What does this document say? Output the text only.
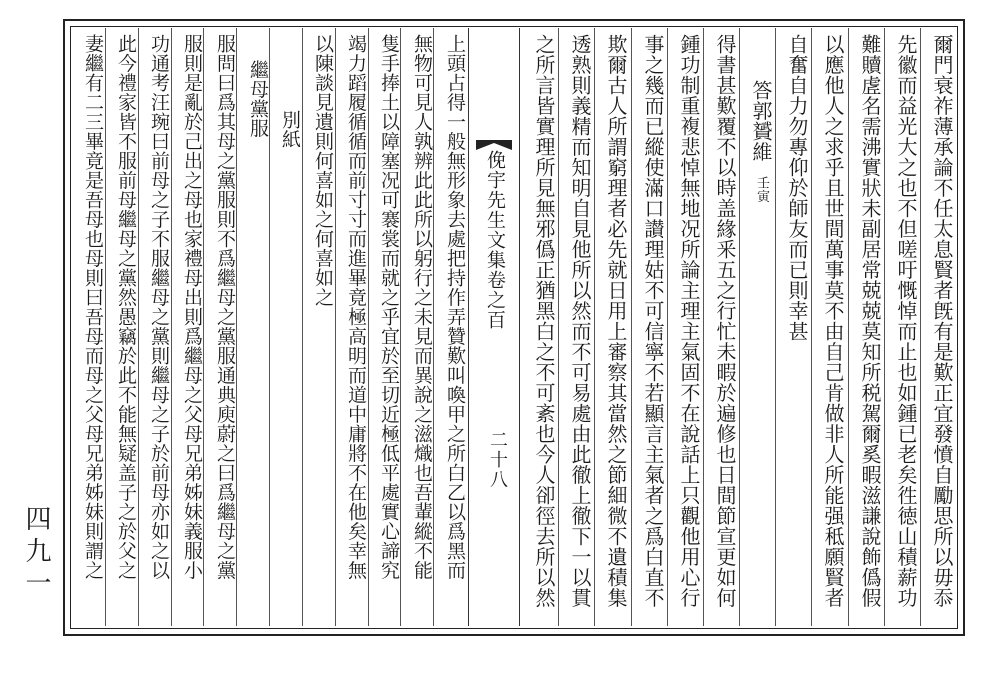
俛宇先生文集卷之百
二十八
四九一	爾門衰祚薄承論不任太息賢者旣有是歎正宜發憤自勵思所以毋忝
先徽而益光大之也不但嗟吁慨悼而止也如鍾已老矣徃徳山積薪功
難贖虗名需沸實狀未副居常兢兢莫知所税駕爾奚暇滋謙說飾僞假
以應他人之求乎且世間萬事莫不由自己肯做非人所能强秪願賢者
自奮自力勿專仰於師友而已則幸甚
答郭贇維壬寅
得書甚歎覆不以時盖緣釆五之行忙未暇於遍修也日間節宣更如何
鍾功制重複悲悼無地况所論主理主氣固不在說話上只觀他用心行
事之幾而已縱使滿口讃理姑不可信寧不若顯言主氣者之爲白直不
欺爾古人所謂窮理者必先就日用上審察其當然之節細微不遺積集
透熟則義精而知明自見他所以然而不可易處由此徹上徹下一以貫
之所言皆實理所見無邪僞正猶黑白之不可紊也今人卻徑去所以然
上頭占得一般無形象去處把持作弄贊歎叫喚甲之所白乙以爲黑而
無物可見人孰辨此此所以躬行之未見而異說之滋熾也吾輩縱不能
隻手捧土以障塞况可褰裳而就之乎宜於至切近極低平處實心諦究
竭力蹈履循循而前寸寸而進畢竟極高明而道中庸將不在他矣幸無
以陳談見遺則何喜如之何喜如之
別紙
繼母黨服
服問曰爲其母之黨服則不爲繼母之黨服通典庾蔚之曰爲繼母之黨
服則是亂於己出之母也家禮母出則爲繼母之父母兄弟姊妹義服小
功通考汪琬曰前母之子不服繼母之黨則繼母之子於前母亦如之以
此今禮家皆不服前母繼母之黨然愚竊於此不能無疑盖子之於父之
妻繼有二三畢竟是吾母也母則曰吾母而母之父母兄弟姊妹則謂之
